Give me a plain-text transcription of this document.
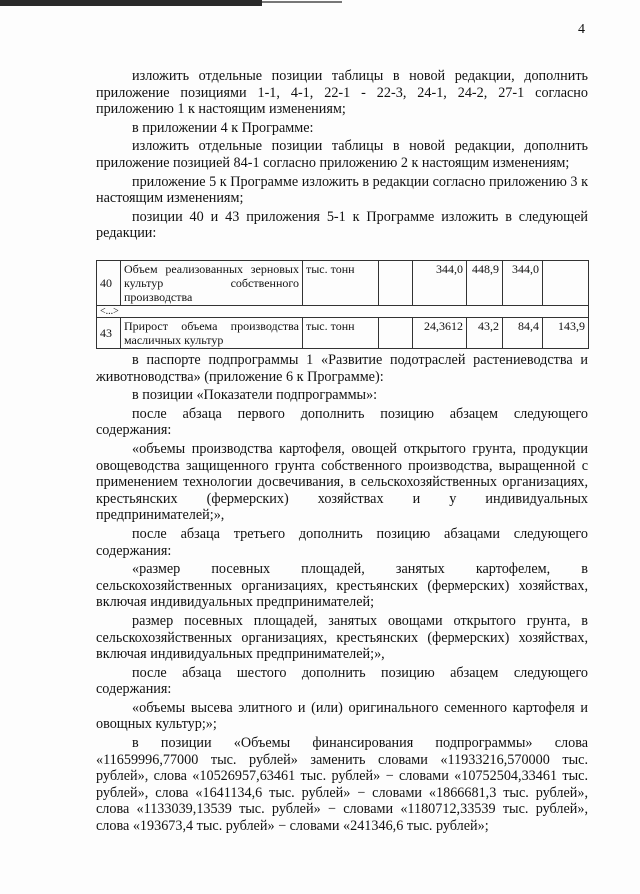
4

изложить отдельные позиции таблицы в новой редакции, дополнить приложение позициями 1-1, 4-1, 22-1 - 22-3, 24-1, 24-2, 27-1 согласно приложению 1 к настоящим изменениям;

в приложении 4 к Программе:

изложить отдельные позиции таблицы в новой редакции, дополнить приложение позицией 84-1 согласно приложению 2 к настоящим изменениям;

приложение 5 к Программе изложить в редакции согласно приложению 3 к настоящим изменениям;

позиции 40 и 43 приложения 5-1 к Программе изложить в следующей редакции:

40	Объем реализованных зерновых культур собственного производства	тыс. тонн		344,0	448,9	344,0	
<...>							
43	Прирост объема производства масличных культур	тыс. тонн		24,3612	43,2	84,4	143,9

в паспорте подпрограммы 1 «Развитие подотраслей растениеводства и животноводства» (приложение 6 к Программе):

в позиции «Показатели подпрограммы»:

после абзаца первого дополнить позицию абзацем следующего содержания:

«объемы производства картофеля, овощей открытого грунта, продукции овощеводства защищенного грунта собственного производства, выращенной с применением технологии досвечивания, в сельскохозяйственных организациях, крестьянских (фермерских) хозяйствах и у индивидуальных предпринимателей;»,

после абзаца третьего дополнить позицию абзацами следующего содержания:

«размер посевных площадей, занятых картофелем, в сельскохозяйственных организациях, крестьянских (фермерских) хозяйствах, включая индивидуальных предпринимателей;

размер посевных площадей, занятых овощами открытого грунта, в сельскохозяйственных организациях, крестьянских (фермерских) хозяйствах, включая индивидуальных предпринимателей;»,

после абзаца шестого дополнить позицию абзацем следующего содержания:

«объемы высева элитного и (или) оригинального семенного картофеля и овощных культур;»;

в позиции «Объемы финансирования подпрограммы» слова «11659996,77000 тыс. рублей» заменить словами «11933216,570000 тыс. рублей», слова «10526957,63461 тыс. рублей» − словами «10752504,33461 тыс. рублей», слова «1641134,6 тыс. рублей» − словами «1866681,3 тыс. рублей», слова «1133039,13539 тыс. рублей» − словами «1180712,33539 тыс. рублей», слова «193673,4 тыс. рублей» − словами «241346,6 тыс. рублей»;
